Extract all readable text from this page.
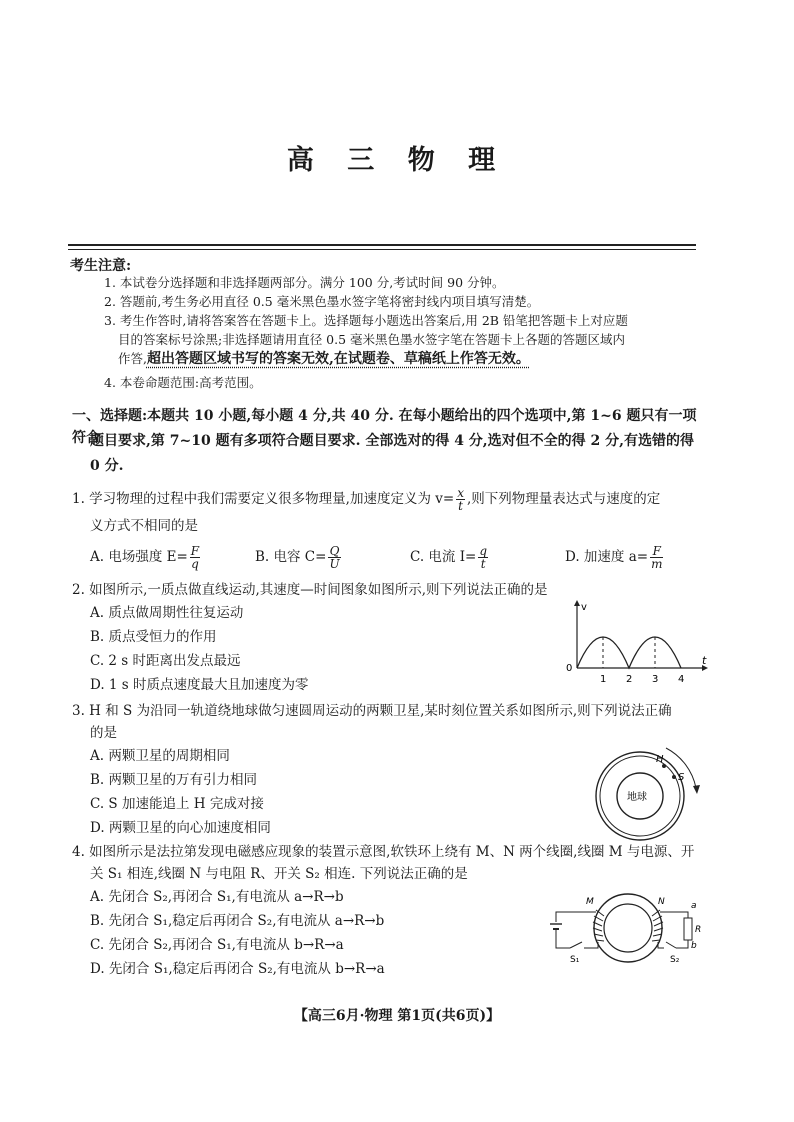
高 三 物 理
考生注意:
1. 本试卷分选择题和非选择题两部分。满分 100 分,考试时间 90 分钟。
2. 答题前,考生务必用直径 0.5 毫米黑色墨水签字笔将密封线内项目填写清楚。
3. 考生作答时,请将答案答在答题卡上。选择题每小题选出答案后,用 2B 铅笔把答题卡上对应题
目的答案标号涂黑;非选择题请用直径 0.5 毫米黑色墨水签字笔在答题卡上各题的答题区域内
作答,超出答题区域书写的答案无效,在试题卷、草稿纸上作答无效。
4. 本卷命题范围:高考范围。
一、选择题:本题共 10 小题,每小题 4 分,共 40 分. 在每小题给出的四个选项中,第 1~6 题只有一项符合
题目要求,第 7~10 题有多项符合题目要求. 全部选对的得 4 分,选对但不全的得 2 分,有选错的得
0 分.
1. 学习物理的过程中我们需要定义很多物理量,加速度定义为 $v= \frac{x}{t}$ ,则下列物理量表达式与速度的定
义方式不相同的是
A. 电场强度 $E= \frac{F}{q}$	B. 电容 $C= \frac{Q}{U}$	C. 电流 $I= \frac{q}{t}$	D. 加速度 $a= \frac{F}{m}$
2. 如图所示,一质点做直线运动,其速度—时间图象如图所示,则下列说法正确的是
A. 质点做周期性往复运动
B. 质点受恒力的作用
C. 2 s 时距离出发点最远
D. 1 s 时质点速度最大且加速度为零
v
t
0
1 2 3 4
3. H 和 S 为沿同一轨道绕地球做匀速圆周运动的两颗卫星,某时刻位置关系如图所示,则下列说法正确
的是
A. 两颗卫星的周期相同
B. 两颗卫星的万有引力相同
C. S 加速能追上 H 完成对接
D. 两颗卫星的向心加速度相同
地球
H
S
4. 如图所示是法拉第发现电磁感应现象的装置示意图,软铁环上绕有 M、N 两个线圈,线圈 M 与电源、开
关 S₁ 相连,线圈 N 与电阻 R、开关 S₂ 相连. 下列说法正确的是
A. 先闭合 S₂,再闭合 S₁,有电流从 a→R→b
B. 先闭合 S₁,稳定后再闭合 S₂,有电流从 a→R→b
C. 先闭合 S₂,再闭合 S₁,有电流从 b→R→a
D. 先闭合 S₁,稳定后再闭合 S₂,有电流从 b→R→a
M	N	a
b
R
S₁	S₂
【高三6月·物理 第1页(共6页)】
